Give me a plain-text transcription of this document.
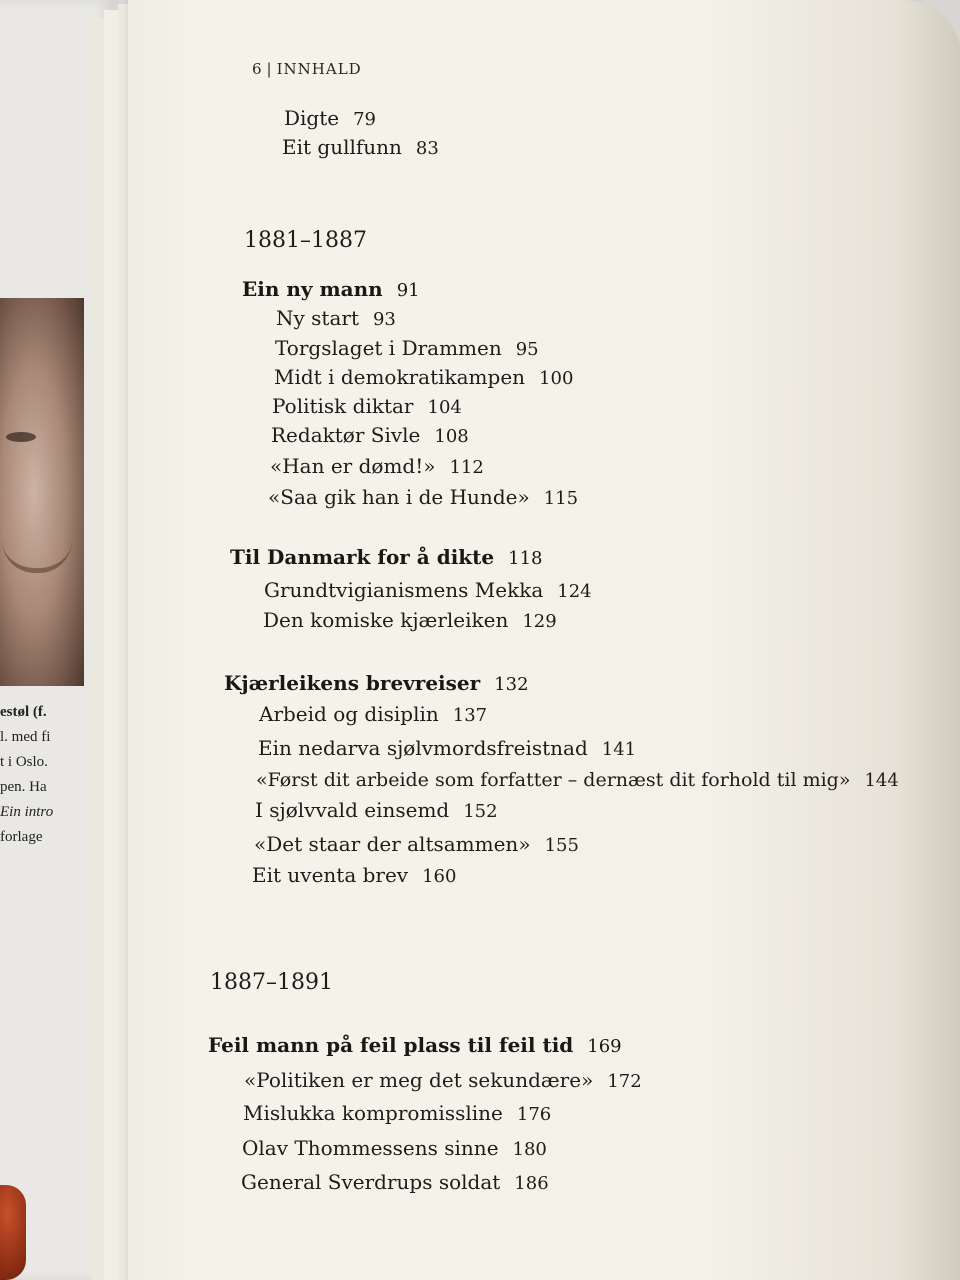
estøl (f.
l. med fi
t i Oslo.
pen. Ha
Ein intro
forlage
6 | INNHALD
Digte 79
Eit gullfunn 83
1881–1887
Ein ny mann 91
Ny start 93
Torgslaget i Drammen 95
Midt i demokratikampen 100
Politisk diktar 104
Redaktør Sivle 108
«Han er dømd!» 112
«Saa gik han i de Hunde» 115
Til Danmark for å dikte 118
Grundtvigianismens Mekka 124
Den komiske kjærleiken 129
Kjærleikens brevreiser 132
Arbeid og disiplin 137
Ein nedarva sjølvmordsfreistnad 141
«Først dit arbeide som forfatter – dernæst dit forhold til mig» 144
I sjølvvald einsemd 152
«Det staar der altsammen» 155
Eit uventa brev 160
1887–1891
Feil mann på feil plass til feil tid 169
«Politiken er meg det sekundære» 172
Mislukka kompromissline 176
Olav Thommessens sinne 180
General Sverdrups soldat 186
